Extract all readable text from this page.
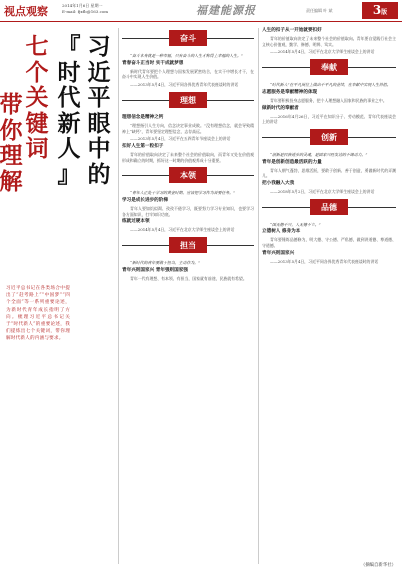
视点观察	2014年1月6日 星期一
E-mail: fjxfb@163.com	福建能源报	责任编辑 叶 斌	3版
习
近
平
眼
中
的
『
时
代
新
人
』
七
个
关
键
词
带
你
理
解
习近平总书记在各类场合中提出了“赶考路上”“中国梦”“四个全面”等一系列重要论述，为新时代青年成长指明了方向。梳理习近平总书记关于“时代新人”的重要论述，我们提炼出七个关键词，带你理解时代新人的内涵与要求。
奋斗
“奋斗本身就是一种幸福，只有奋斗的人生才称得上幸福的人生。”
青春奋斗正当时 实干成就梦想
新时代青年要把个人理想与国家发展紧密结合，在实干中增长才干，在奋斗中实现人生价值。
——2013年5月4日，习近平同各界优秀青年代表座谈时的讲话
理想
理想信念是精神之钙
“理想指引人生方向，信念决定事业成败。”没有理想信念，就会导致精神上“缺钙”，青年要坚定理想信念，志存高远。
——2013年5月4日，习近平在五四青年节座谈会上的讲话
扣好人生第一粒扣子
青年的价值取向决定了未来整个社会的价值取向，而青年又处在价值观形成和确立的时期，抓好这一时期的价值观养成十分重要。
本领
“青年人正处于学习的黄金时期，应该把学习作为首要任务。”
学习是成长进步的阶梯
青年人要如饥似渴、孜孜不倦学习，既要努力学习专业知识，也要学习各方面知识，打牢知识功底。
练就过硬本领
——2014年5月4日，习近平在北京大学师生座谈会上的讲话
担当
“新时代的青年要敢于担当，主动作为。”
青年兴则国家兴 青年强则国家强
青年一代有理想、有本领、有担当，国家就有前途，民族就有希望。
人生的扣子从一开始就要扣好
青年的价值取向决定了未来整个社会的价值取向。青年要自觉践行社会主义核心价值观，勤学、修德、明辨、笃实。
——2014年5月4日，习近平在北京大学师生座谈会上的讲话
奉献
“时代新人”在平凡岗位上做出不平凡的业绩，在奉献中实现人生价值。
志愿服务是奉献精神的体现
青年要积极投身志愿服务，把个人理想融入国家和民族的事业之中。
做新时代的奉献者
——2016年4月26日，习近平在知识分子、劳动模范、青年代表座谈会上的讲话
创新
“创新是民族进步的灵魂，是国家兴旺发达的不竭动力。”
青年是创新创造最活跃的力量
青年人朝气蓬勃，思维活跃，要敢于创新、善于创造，勇做新时代的弄潮儿。
把小我融入大我
——2018年5月2日，习近平在北京大学师生座谈会上的讲话
品德
“国无德不兴，人无德不立。”
立德树人 修身为本
青年要锤炼品德修为，明大德、守公德、严私德，做到讲道德、尊道德、守道德。
青年兴则国家兴
——2013年5月4日，习近平同各界优秀青年代表座谈时的讲话
（摘编自新华社）
